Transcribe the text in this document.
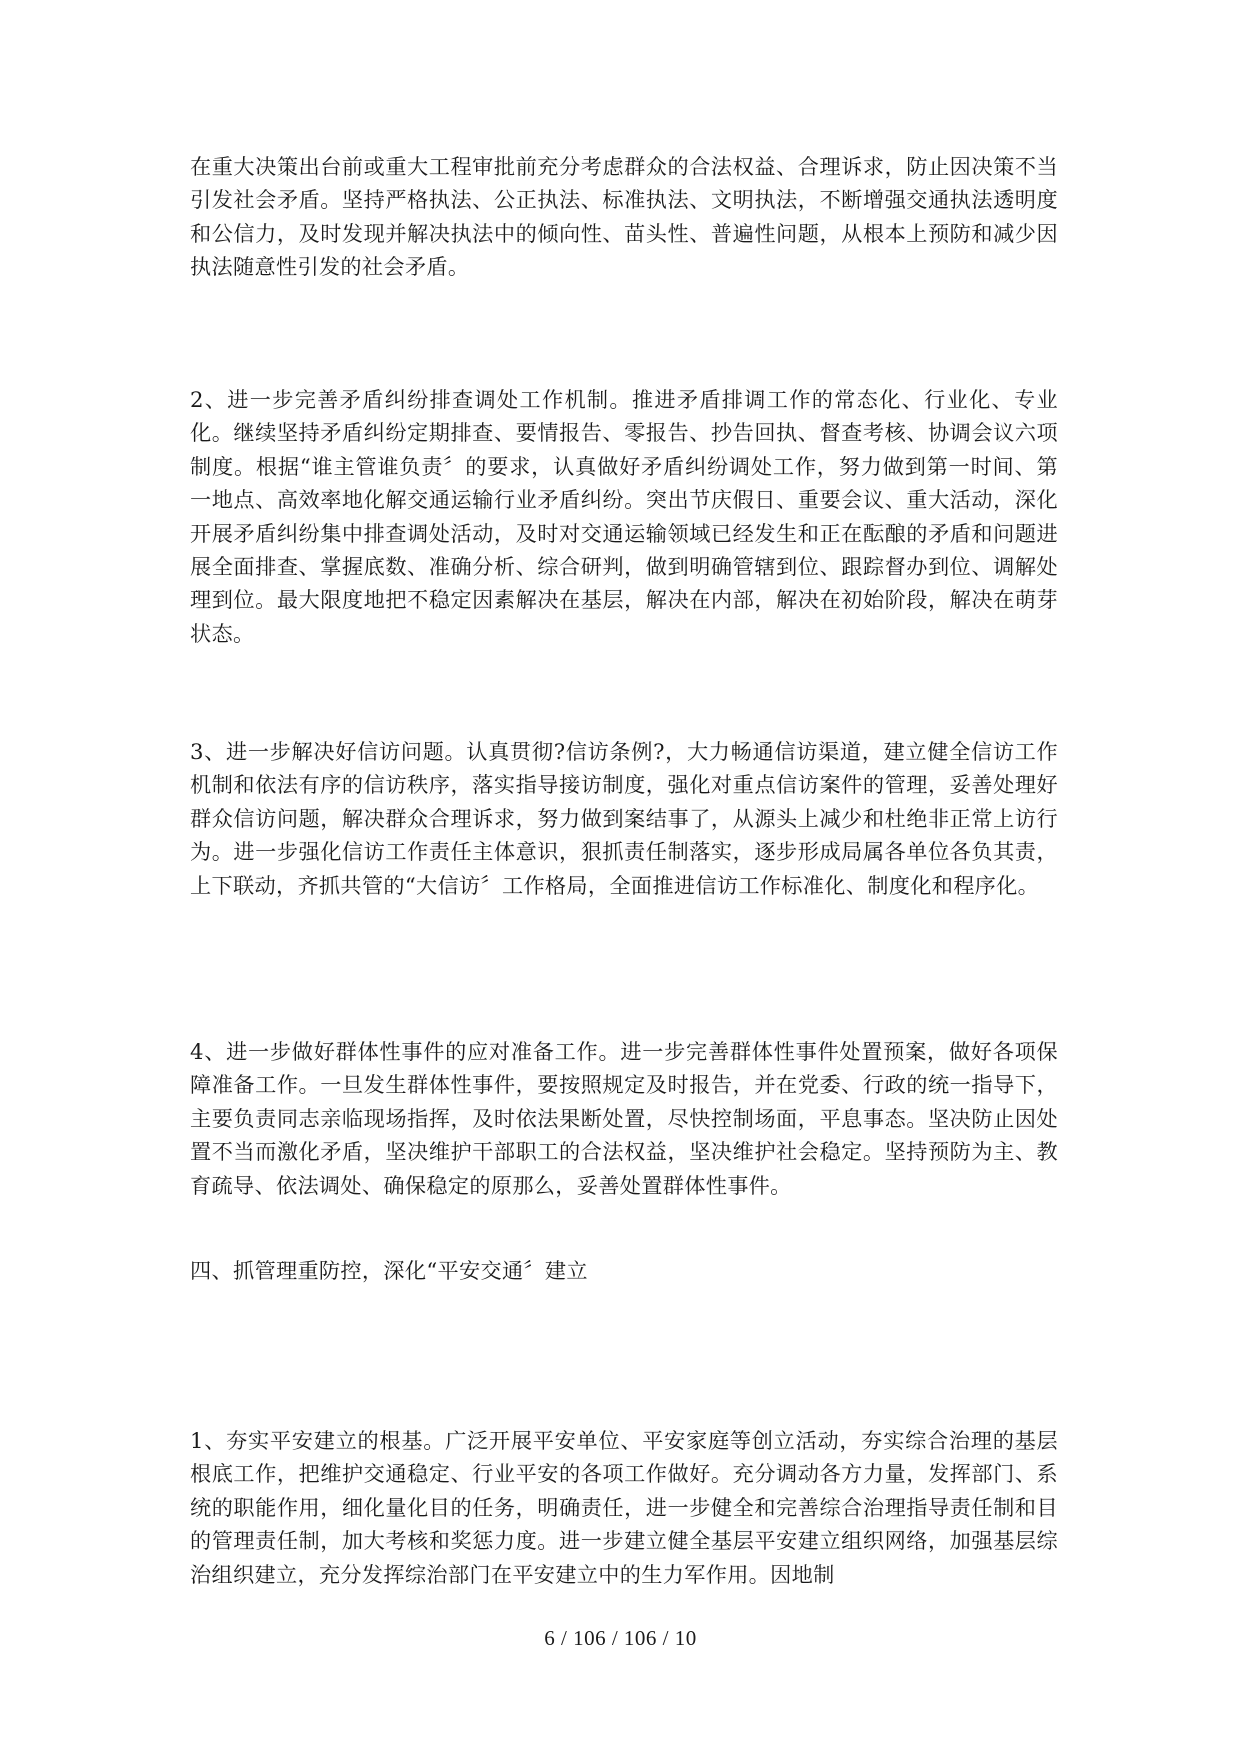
在重大决策出台前或重大工程审批前充分考虑群众的合法权益、合理诉求，防止因决策不当引发社会矛盾。坚持严格执法、公正执法、标准执法、文明执法，不断增强交通执法透明度和公信力，及时发现并解决执法中的倾向性、苗头性、普遍性问题，从根本上预防和减少因执法随意性引发的社会矛盾。

2、进一步完善矛盾纠纷排查调处工作机制。推进矛盾排调工作的常态化、行业化、专业化。继续坚持矛盾纠纷定期排查、要情报告、零报告、抄告回执、督查考核、协调会议六项制度。根据“谁主管谁负责〞的要求，认真做好矛盾纠纷调处工作，努力做到第一时间、第一地点、高效率地化解交通运输行业矛盾纠纷。突出节庆假日、重要会议、重大活动，深化开展矛盾纠纷集中排查调处活动，及时对交通运输领域已经发生和正在酝酿的矛盾和问题进展全面排查、掌握底数、准确分析、综合研判，做到明确管辖到位、跟踪督办到位、调解处理到位。最大限度地把不稳定因素解决在基层，解决在内部，解决在初始阶段，解决在萌芽状态。

3、进一步解决好信访问题。认真贯彻?信访条例?，大力畅通信访渠道，建立健全信访工作机制和依法有序的信访秩序，落实指导接访制度，强化对重点信访案件的管理，妥善处理好群众信访问题，解决群众合理诉求，努力做到案结事了，从源头上减少和杜绝非正常上访行为。进一步强化信访工作责任主体意识，狠抓责任制落实，逐步形成局属各单位各负其责，上下联动，齐抓共管的“大信访〞工作格局，全面推进信访工作标准化、制度化和程序化。

4、进一步做好群体性事件的应对准备工作。进一步完善群体性事件处置预案，做好各项保障准备工作。一旦发生群体性事件，要按照规定及时报告，并在党委、行政的统一指导下，主要负责同志亲临现场指挥，及时依法果断处置，尽快控制场面，平息事态。坚决防止因处置不当而激化矛盾，坚决维护干部职工的合法权益，坚决维护社会稳定。坚持预防为主、教育疏导、依法调处、确保稳定的原那么，妥善处置群体性事件。

四、抓管理重防控，深化“平安交通〞建立

1、夯实平安建立的根基。广泛开展平安单位、平安家庭等创立活动，夯实综合治理的基层根底工作，把维护交通稳定、行业平安的各项工作做好。充分调动各方力量，发挥部门、系统的职能作用，细化量化目的任务，明确责任，进一步健全和完善综合治理指导责任制和目的管理责任制，加大考核和奖惩力度。进一步建立健全基层平安建立组织网络，加强基层综治组织建立，充分发挥综治部门在平安建立中的生力军作用。因地制

6 / 106 / 106 / 10
